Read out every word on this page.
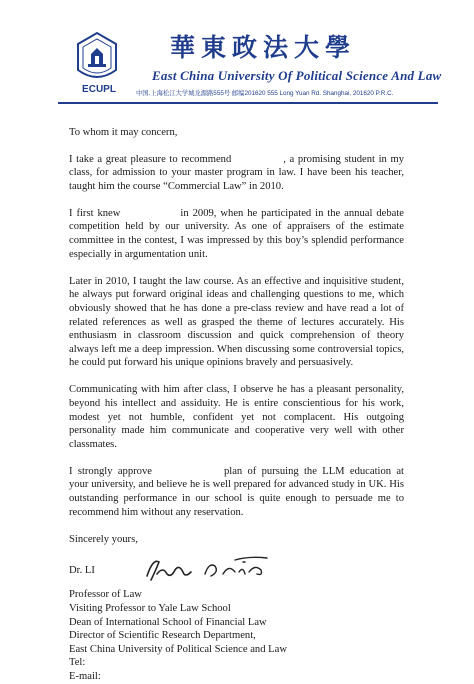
ECUPL
華東政法大學
East China University Of Political Science And Law
中国.上海松江大学城龙源路555号 邮编201620 555 Long Yuan Rd. Shanghai, 201620 P.R.C.

To whom it may concern,

I take a great pleasure to recommend	, a promising student in my class, for admission to your master program in law. I have been his teacher, taught him the course “Commercial Law” in 2010.

I first knew	in 2009, when he participated in the annual debate competition held by our university. As one of appraisers of the estimate committee in the contest, I was impressed by this boy’s splendid performance especially in argumentation unit.

Later in 2010, I taught the law course. As an effective and inquisitive student, he always put forward original ideas and challenging questions to me, which obviously showed that he has done a pre-class review and have read a lot of related references as well as grasped the theme of lectures accurately. His enthusiasm in classroom discussion and quick comprehension of theory always left me a deep impression. When discussing some controversial topics, he could put forward his unique opinions bravely and persuasively.

Communicating with him after class, I observe he has a pleasant personality, beyond his intellect and assiduity. He is entire conscientious for his work, modest yet not humble, confident yet not complacent. His outgoing personality made him communicate and cooperative very well with other classmates.

I strongly approve	plan of pursuing the LLM education at your university, and believe he is well prepared for advanced study in UK. His outstanding performance in our school is quite enough to persuade me to recommend him without any reservation.

Sincerely yours,

Dr. LI
Professor of Law
Visiting Professor to Yale Law School
Dean of International School of Financial Law
Director of Scientific Research Department,
East China University of Political Science and Law
Tel:
E-mail:
